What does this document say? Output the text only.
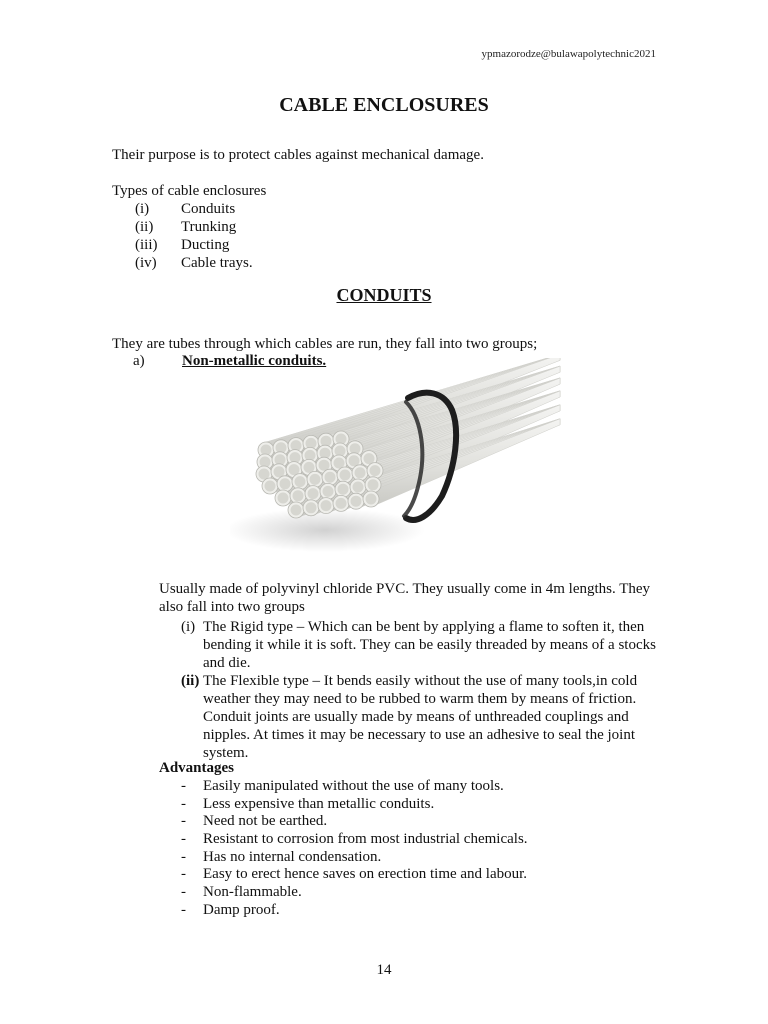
ypmazorodze@bulawapolytechnic2021
CABLE ENCLOSURES
Their purpose is to protect cables against mechanical damage.
Types of cable enclosures
(i) Conduits
(ii) Trunking
(iii) Ducting
(iv) Cable trays.
CONDUITS
They are tubes through which cables are run, they fall into two groups;
a) Non-metallic conduits.
Usually made of polyvinyl chloride PVC. They usually come in 4m lengths. They also fall into two groups
(i) The Rigid type – Which can be bent by applying a flame to soften it, then bending it while it is soft. They can be easily threaded by means of a stocks and die.
(ii) The Flexible type – It bends easily without the use of many tools,in cold weather they may need to be rubbed to warm them by means of friction. Conduit joints are usually made by means of unthreaded couplings and nipples. At times it may be necessary to use an adhesive to seal the joint system.
Advantages
- Easily manipulated without the use of many tools.
- Less expensive than metallic conduits.
- Need not be earthed.
- Resistant to corrosion from most industrial chemicals.
- Has no internal condensation.
- Easy to erect hence saves on erection time and labour.
- Non-flammable.
- Damp proof.
14
